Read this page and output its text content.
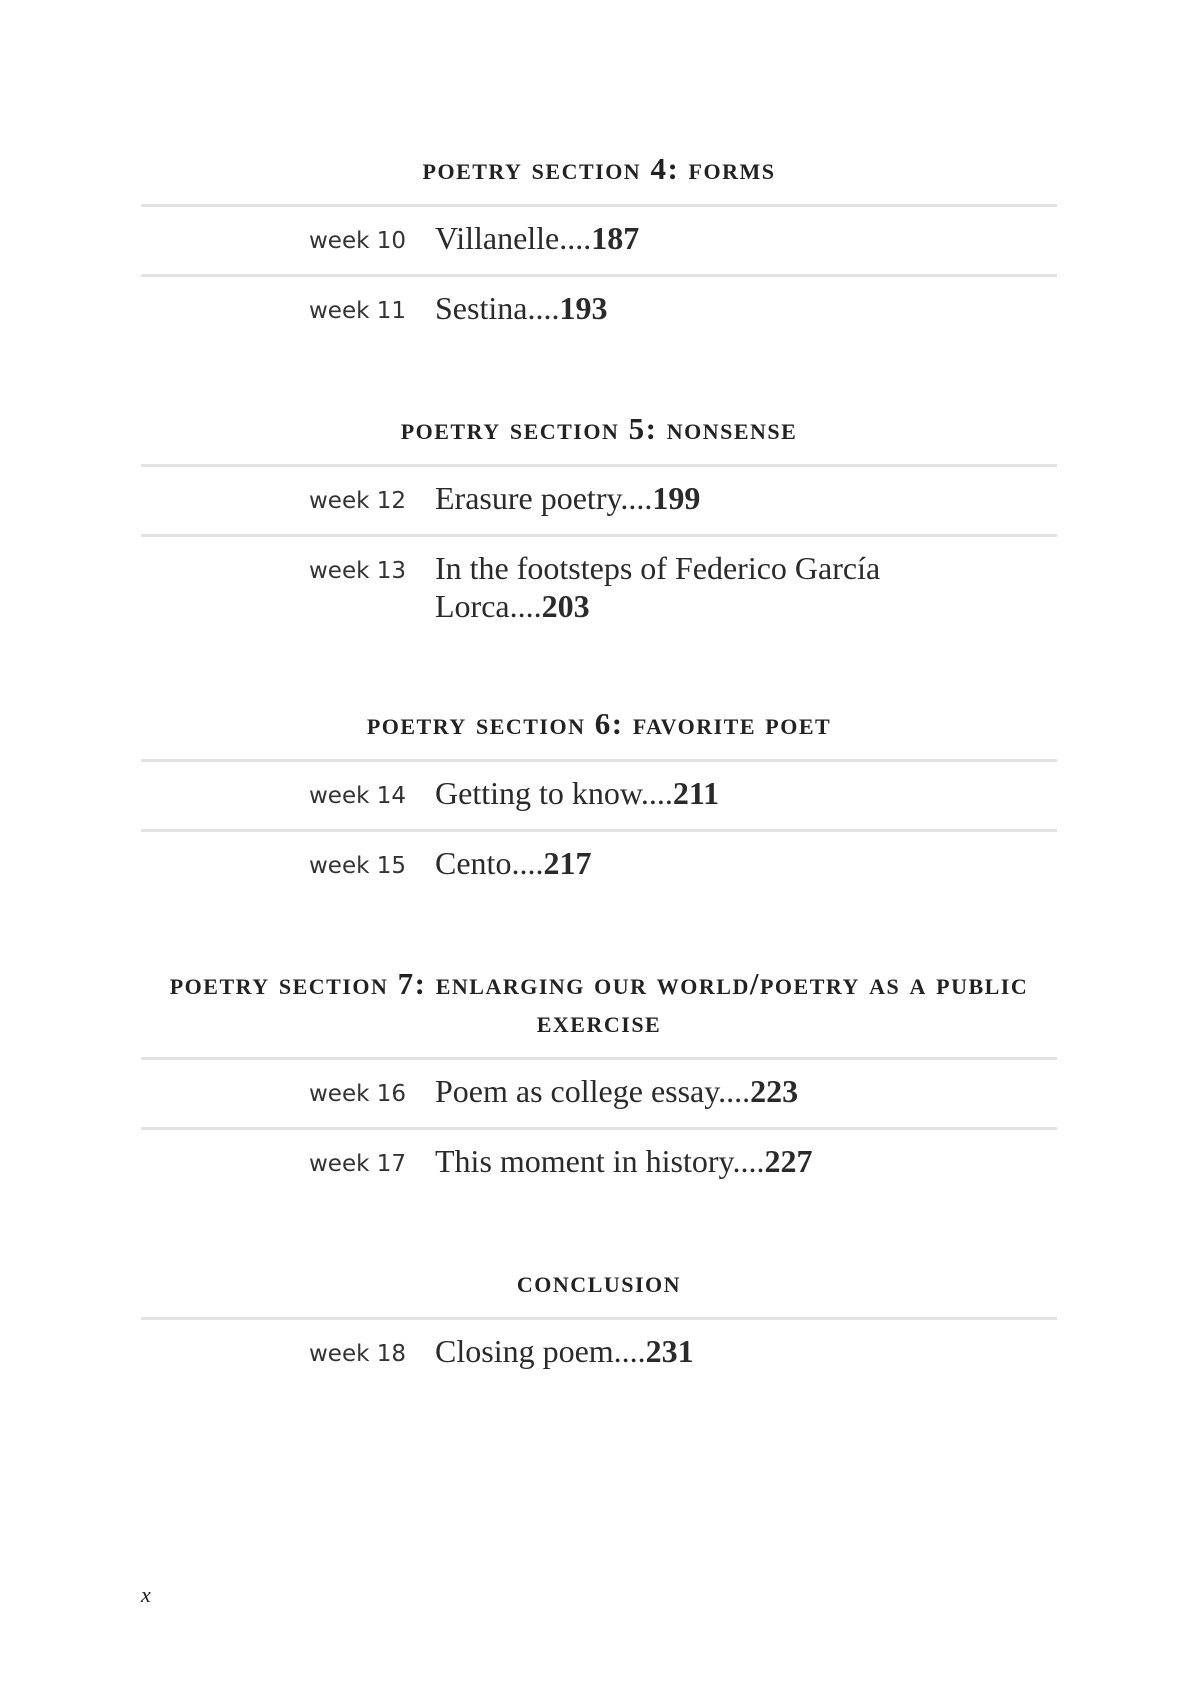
poetry section 4: forms
week 10 Villanelle....187
week 11 Sestina....193
poetry section 5: nonsense
week 12 Erasure poetry....199
week 13 In the footsteps of Federico García Lorca....203
poetry section 6: favorite poet
week 14 Getting to know....211
week 15 Cento....217
poetry section 7: enlarging our world/poetry as a public exercise
week 16 Poem as college essay....223
week 17 This moment in history....227
conclusion
week 18 Closing poem....231
x
